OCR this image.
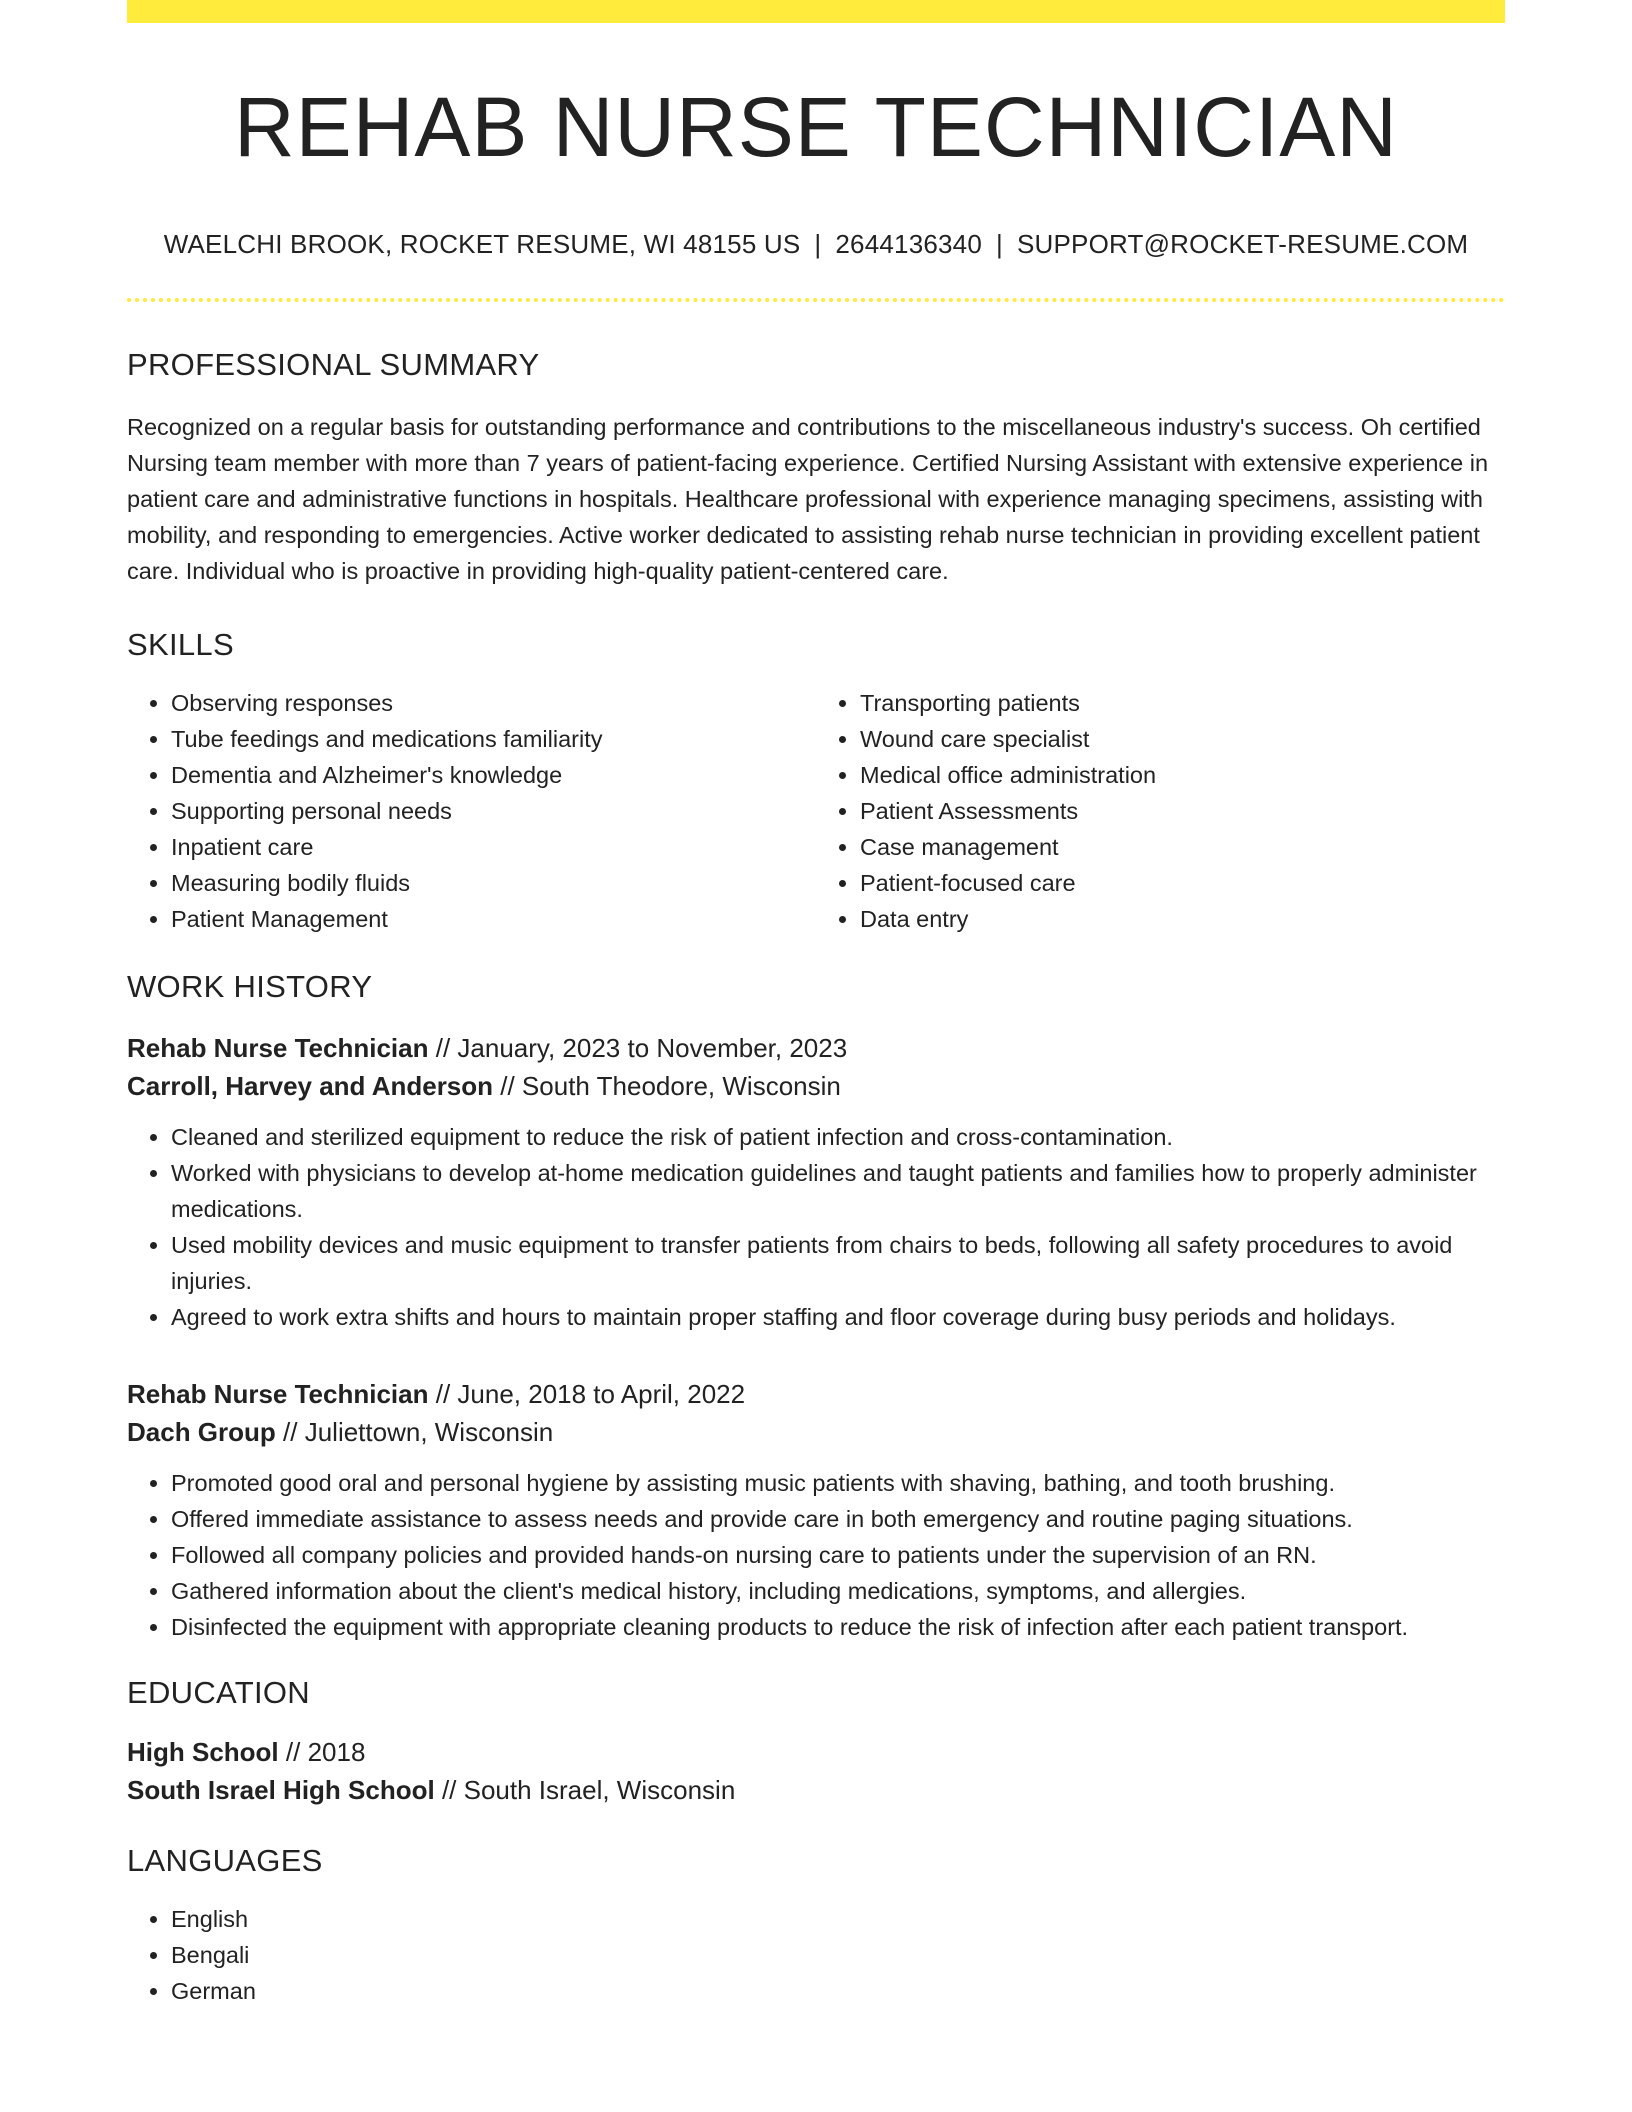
REHAB NURSE TECHNICIAN
WAELCHI BROOK, ROCKET RESUME, WI 48155 US | 2644136340 | SUPPORT@ROCKET-RESUME.COM
PROFESSIONAL SUMMARY
Recognized on a regular basis for outstanding performance and contributions to the miscellaneous industry's success. Oh certified Nursing team member with more than 7 years of patient-facing experience. Certified Nursing Assistant with extensive experience in patient care and administrative functions in hospitals. Healthcare professional with experience managing specimens, assisting with mobility, and responding to emergencies. Active worker dedicated to assisting rehab nurse technician in providing excellent patient care. Individual who is proactive in providing high-quality patient-centered care.
SKILLS
• Observing responses
• Tube feedings and medications familiarity
• Dementia and Alzheimer's knowledge
• Supporting personal needs
• Inpatient care
• Measuring bodily fluids
• Patient Management
• Transporting patients
• Wound care specialist
• Medical office administration
• Patient Assessments
• Case management
• Patient-focused care
• Data entry
WORK HISTORY
Rehab Nurse Technician // January, 2023 to November, 2023
Carroll, Harvey and Anderson // South Theodore, Wisconsin
• Cleaned and sterilized equipment to reduce the risk of patient infection and cross-contamination.
• Worked with physicians to develop at-home medication guidelines and taught patients and families how to properly administer medications.
• Used mobility devices and music equipment to transfer patients from chairs to beds, following all safety procedures to avoid injuries.
• Agreed to work extra shifts and hours to maintain proper staffing and floor coverage during busy periods and holidays.
Rehab Nurse Technician // June, 2018 to April, 2022
Dach Group // Juliettown, Wisconsin
• Promoted good oral and personal hygiene by assisting music patients with shaving, bathing, and tooth brushing.
• Offered immediate assistance to assess needs and provide care in both emergency and routine paging situations.
• Followed all company policies and provided hands-on nursing care to patients under the supervision of an RN.
• Gathered information about the client's medical history, including medications, symptoms, and allergies.
• Disinfected the equipment with appropriate cleaning products to reduce the risk of infection after each patient transport.
EDUCATION
High School // 2018
South Israel High School // South Israel, Wisconsin
LANGUAGES
• English
• Bengali
• German
